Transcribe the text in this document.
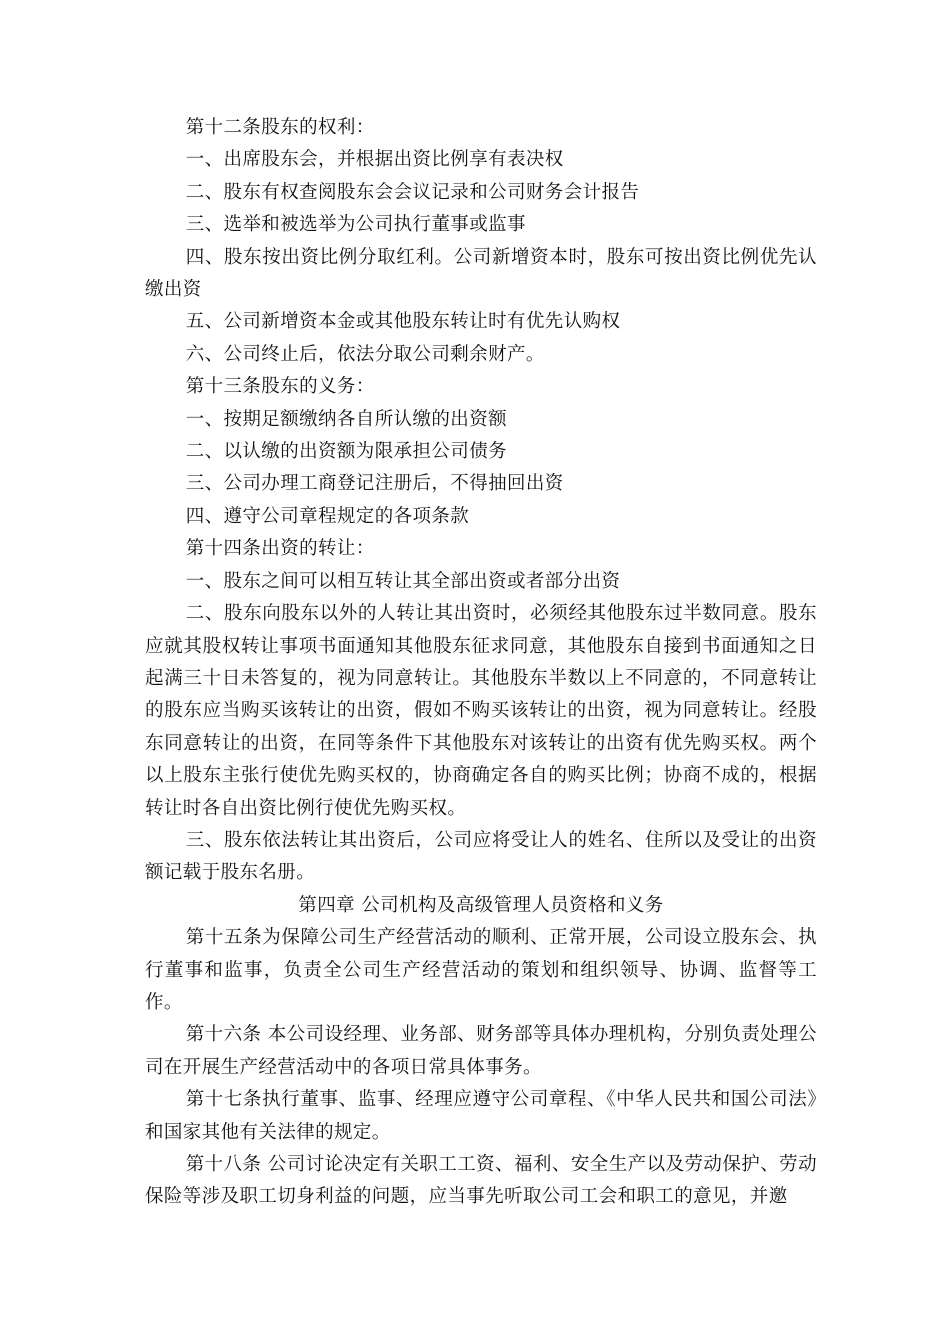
第十二条股东的权利：

一、出席股东会，并根据出资比例享有表决权

二、股东有权查阅股东会会议记录和公司财务会计报告

三、选举和被选举为公司执行董事或监事

四、股东按出资比例分取红利。公司新增资本时，股东可按出资比例优先认缴出资

五、公司新增资本金或其他股东转让时有优先认购权

六、公司终止后，依法分取公司剩余财产。

第十三条股东的义务：

一、按期足额缴纳各自所认缴的出资额

二、以认缴的出资额为限承担公司债务

三、公司办理工商登记注册后，不得抽回出资

四、遵守公司章程规定的各项条款

第十四条出资的转让：

一、股东之间可以相互转让其全部出资或者部分出资

二、股东向股东以外的人转让其出资时，必须经其他股东过半数同意。股东应就其股权转让事项书面通知其他股东征求同意，其他股东自接到书面通知之日起满三十日未答复的，视为同意转让。其他股东半数以上不同意的，不同意转让的股东应当购买该转让的出资，假如不购买该转让的出资，视为同意转让。经股东同意转让的出资，在同等条件下其他股东对该转让的出资有优先购买权。两个以上股东主张行使优先购买权的，协商确定各自的购买比例；协商不成的，根据转让时各自出资比例行使优先购买权。

三、股东依法转让其出资后，公司应将受让人的姓名、住所以及受让的出资额记载于股东名册。

第四章 公司机构及高级管理人员资格和义务

第十五条为保障公司生产经营活动的顺利、正常开展，公司设立股东会、执行董事和监事，负责全公司生产经营活动的策划和组织领导、协调、监督等工作。

第十六条 本公司设经理、业务部、财务部等具体办理机构，分别负责处理公司在开展生产经营活动中的各项日常具体事务。

第十七条执行董事、监事、经理应遵守公司章程、《中华人民共和国公司法》和国家其他有关法律的规定。

第十八条 公司讨论决定有关职工工资、福利、安全生产以及劳动保护、劳动保险等涉及职工切身利益的问题，应当事先听取公司工会和职工的意见，并邀
